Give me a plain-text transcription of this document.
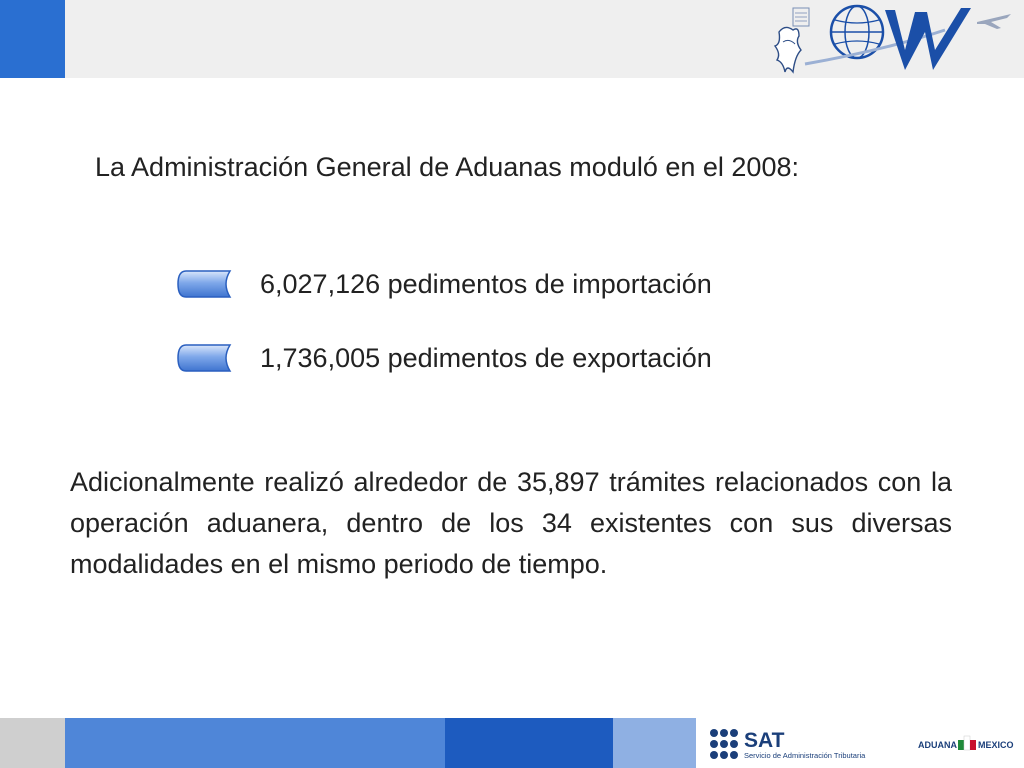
La Administración General de Aduanas moduló en el 2008:
6,027,126 pedimentos de importación
1,736,005 pedimentos de exportación
Adicionalmente realizó alrededor de 35,897 trámites relacionados con la operación aduanera, dentro de los 34 existentes con sus diversas modalidades en el mismo periodo de tiempo.
SAT
Servicio de Administración Tributaria
ADUANA MEXICO
